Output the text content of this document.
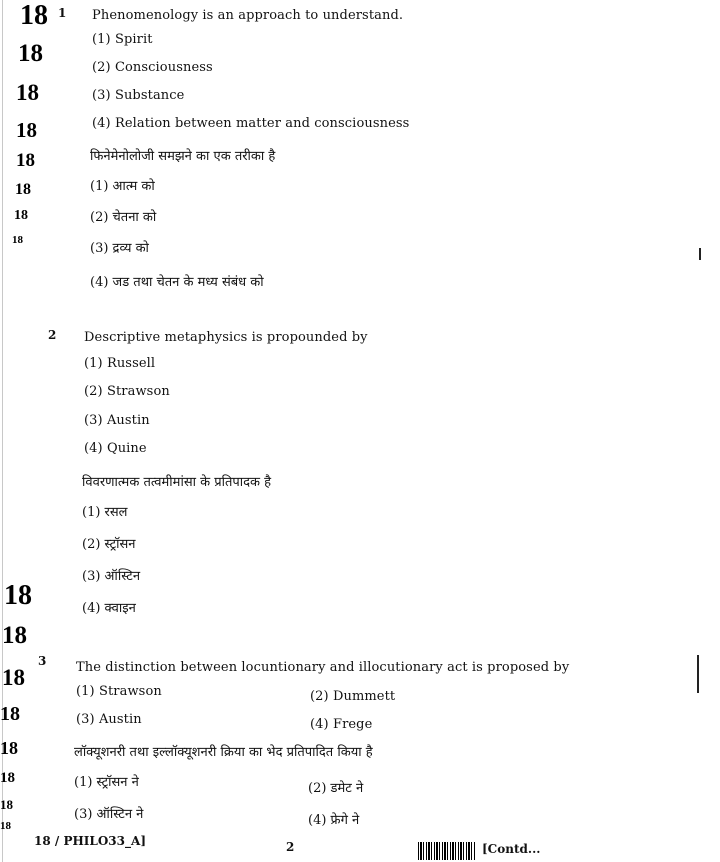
18
18
18
18
18
18
18
18
18
18
18
18
18
18
18
18
1 Phenomenology is an approach to understand.
(1) Spirit
(2) Consciousness
(3) Substance
(4) Relation between matter and consciousness
फिनेमेनोलोजी समझने का एक तरीका है
(1) आत्म को
(2) चेतना को
(3) द्रव्य को
(4) जड तथा चेतन के मध्य संबंध को
2 Descriptive metaphysics is propounded by
(1) Russell
(2) Strawson
(3) Austin
(4) Quine
विवरणात्मक तत्वमीमांसा के प्रतिपादक है
(1) रसल
(2) स्ट्रॉसन
(3) ऑस्टिन
(4) क्वाइन
3 The distinction between locuntionary and illocutionary act is proposed by
(1) Strawson	(2) Dummett
(3) Austin	(4) Frege
लॉक्यूशनरी तथा इल्लॉक्यूशनरी क्रिया का भेद प्रतिपादित किया है
(1) स्ट्रॉसन ने	(2) डमेट ने
(3) ऑस्टिन ने	(4) फ्रेगे ने
18 / PHILO33_A]	2	[Contd...
